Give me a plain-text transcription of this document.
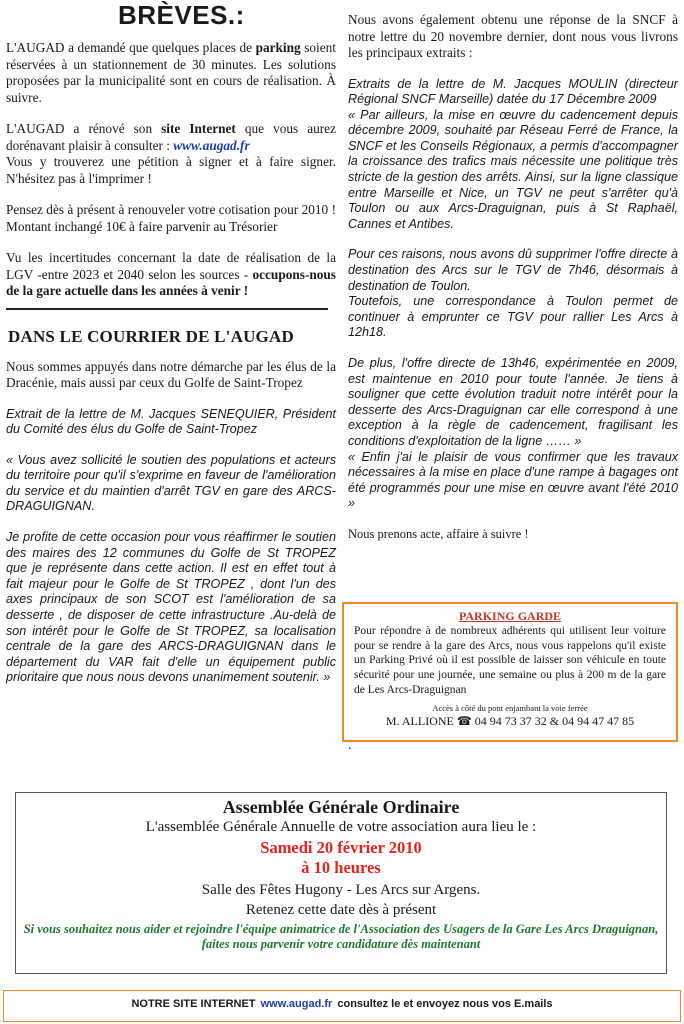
BRÈVES.:

L'AUGAD a demandé que quelques places de parking soient réservées à un stationnement de 30 minutes. Les solutions proposées par la municipalité sont en cours de réalisation. À suivre.

L'AUGAD a rénové son site Internet que vous aurez dorénavant plaisir à consulter : www.augad.fr
Vous y trouverez une pétition à signer et à faire signer. N'hésitez pas à l'imprimer !

Pensez dès à présent à renouveler votre cotisation pour 2010 ! Montant inchangé 10€ à faire parvenir au Trésorier

Vu les incertitudes concernant la date de réalisation de la LGV -entre 2023 et 2040 selon les sources - occupons-nous de la gare actuelle dans les années à venir !

DANS LE COURRIER DE L'AUGAD

Nous sommes appuyés dans notre démarche par les élus de la Dracénie, mais aussi par ceux du Golfe de Saint-Tropez

Extrait de la lettre de M. Jacques SENEQUIER, Président du Comité des élus du Golfe de Saint-Tropez

« Vous avez sollicité le soutien des populations et acteurs du territoire pour qu'il s'exprime en faveur de l'amélioration du service et du maintien d'arrêt TGV en gare des ARCS-DRAGUIGNAN.

Je profite de cette occasion pour vous réaffirmer le soutien des maires des 12 communes du Golfe de St TROPEZ que je représente dans cette action. Il est en effet tout à fait majeur pour le Golfe de St TROPEZ , dont l'un des axes principaux de son SCOT est l'amélioration de sa desserte , de disposer de cette infrastructure .Au-delà de son intérêt pour le Golfe de St TROPEZ, sa localisation centrale de la gare des ARCS-DRAGUIGNAN dans le département du VAR fait d'elle un équipement public prioritaire que nous nous devons unanimement soutenir. »

Nous avons également obtenu une réponse de la SNCF à notre lettre du 20 novembre dernier, dont nous vous livrons les principaux extraits :

Extraits de la lettre de M. Jacques MOULIN (directeur Régional SNCF Marseille) datée du 17 Décembre 2009

« Par ailleurs, la mise en œuvre du cadencement depuis décembre 2009, souhaité par Réseau Ferré de France, la SNCF et les Conseils Régionaux, a permis d'accompagner la croissance des trafics mais nécessite une politique très stricte de la gestion des arrêts. Ainsi, sur la ligne classique entre Marseille et Nice, un TGV ne peut s'arrêter qu'à Toulon ou aux Arcs-Draguignan, puis à St Raphaël, Cannes et Antibes.

Pour ces raisons, nous avons dû supprimer l'offre directe à destination des Arcs sur le TGV de 7h46, désormais à destination de Toulon.

Toutefois, une correspondance à Toulon permet de continuer à emprunter ce TGV pour rallier Les Arcs à 12h18.

De plus, l'offre directe de 13h46, expérimentée en 2009, est maintenue en 2010 pour toute l'année. Je tiens à souligner que cette évolution traduit notre intérêt pour la desserte des Arcs-Draguignan car elle correspond à une exception à la règle de cadencement, fragilisant les conditions d'exploitation de la ligne …… »

« Enfin j'ai le plaisir de vous confirmer que les travaux nécessaires à la mise en place d'une rampe à bagages ont été programmés pour une mise en œuvre avant l'été 2010 »

Nous prenons acte, affaire à suivre !

PARKING GARDE

Pour répondre à de nombreux adhérents qui utilisent leur voiture pour se rendre à la gare des Arcs, nous vous rappelons qu'il existe un Parking Privé où il est possible de laisser son véhicule en toute sécurité pour une journée, une semaine ou plus à 200 m de la gare de Les Arcs-Draguignan

Accès à côté du pont enjambant la voie ferrée

M. ALLIONE ☎ 04 94 73 37 32 & 04 94 47 47 85

.
Assemblée Générale Ordinaire
L'assemblée Générale Annuelle de votre association aura lieu le :
Samedi 20 février 2010
à 10 heures
Salle des Fêtes Hugony - Les Arcs sur Argens.
Retenez cette date dès à présent
Si vous souhaitez nous aider et rejoindre l'équipe animatrice de l'Association des Usagers de la Gare Les Arcs Draguignan, faites nous parvenir votre candidature dès maintenant
NOTRE SITE INTERNET www.augad.fr consultez le et envoyez nous vos E.mails
